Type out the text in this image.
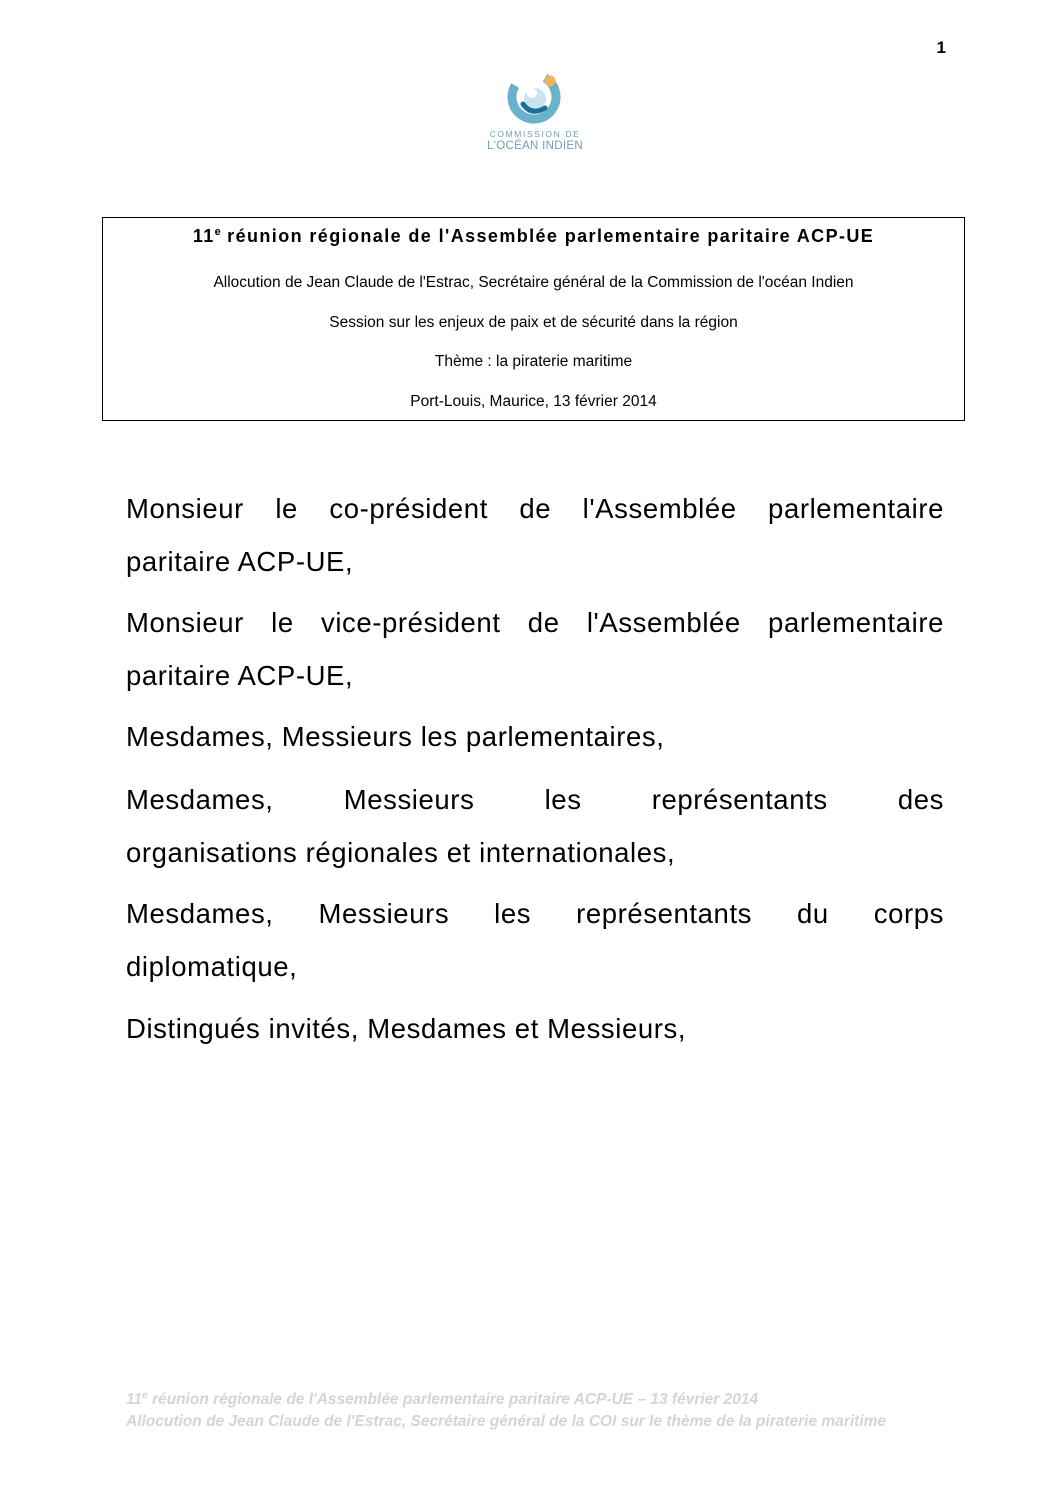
1
COMMISSION DE
L'OCÉAN INDIEN
11e réunion régionale de l'Assemblée parlementaire paritaire ACP-UE
Allocution de Jean Claude de l'Estrac, Secrétaire général de la Commission de l'océan Indien
Session sur les enjeux de paix et de sécurité dans la région
Thème : la piraterie maritime
Port-Louis, Maurice, 13 février 2014
Monsieur le co-président de l'Assemblée parlementaire
paritaire ACP-UE,
Monsieur le vice-président de l'Assemblée parlementaire
paritaire ACP-UE,
Mesdames, Messieurs les parlementaires,
Mesdames, Messieurs les représentants des
organisations régionales et internationales,
Mesdames, Messieurs les représentants du corps
diplomatique,
Distingués invités, Mesdames et Messieurs,
11e réunion régionale de l'Assemblée parlementaire paritaire ACP-UE – 13 février 2014
Allocution de Jean Claude de l'Estrac, Secrétaire général de la COI sur le thème de la piraterie maritime
